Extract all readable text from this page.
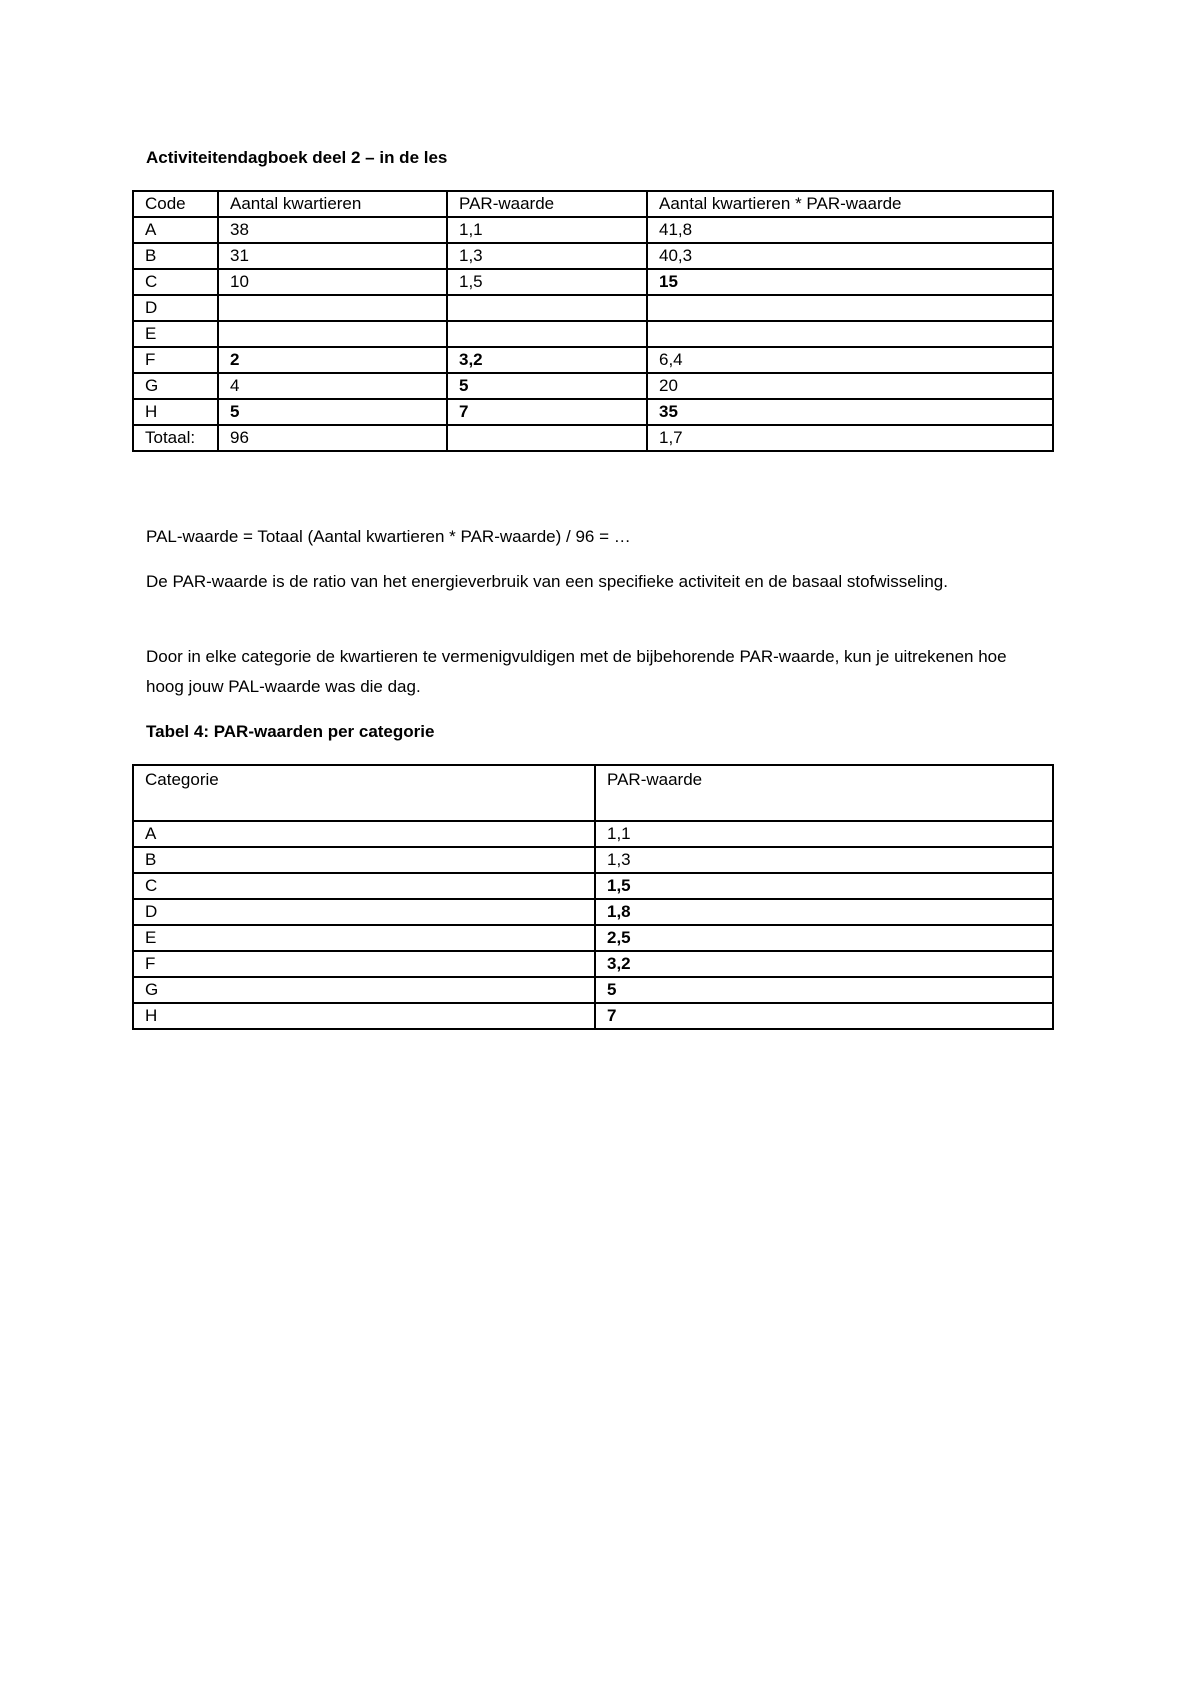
Activiteitendagboek deel 2 – in de les
Code	Aantal kwartieren	PAR-waarde	Aantal kwartieren * PAR-waarde
A	38	1,1	41,8
B	31	1,3	40,3
C	10	1,5	15
D			
E			
F	2	3,2	6,4
G	4	5	20
H	5	7	35
Totaal:	96		1,7
PAL-waarde = Totaal (Aantal kwartieren * PAR-waarde) / 96 = …
De PAR-waarde is de ratio van het energieverbruik van een specifieke activiteit en de basaal stofwisseling.
Door in elke categorie de kwartieren te vermenigvuldigen met de bijbehorende PAR-waarde, kun je uitrekenen hoe hoog jouw PAL-waarde was die dag.
Tabel 4: PAR-waarden per categorie
Categorie	PAR-waarde
A	1,1
B	1,3
C	1,5
D	1,8
E	2,5
F	3,2
G	5
H	7
